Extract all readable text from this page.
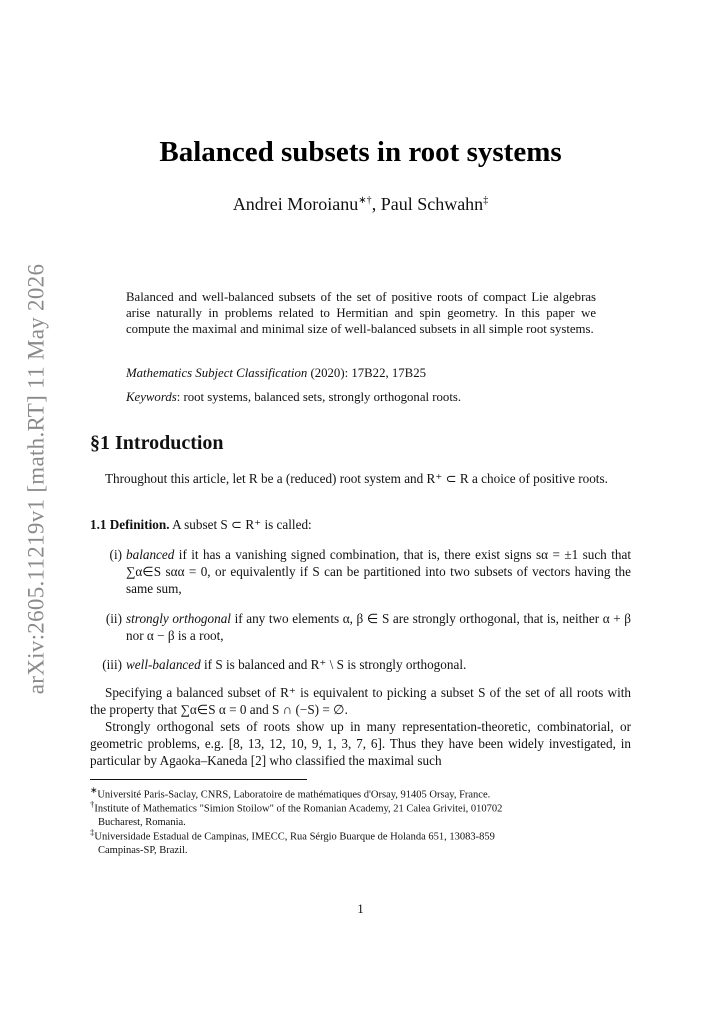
arXiv:2605.11219v1 [math.RT] 11 May 2026
Balanced subsets in root systems
Andrei Moroianu∗†, Paul Schwahn‡
Balanced and well-balanced subsets of the set of positive roots of compact Lie algebras arise naturally in problems related to Hermitian and spin geometry. In this paper we compute the maximal and minimal size of well-balanced subsets in all simple root systems.
Mathematics Subject Classification (2020): 17B22, 17B25
Keywords: root systems, balanced sets, strongly orthogonal roots.
§1 Introduction
Throughout this article, let R be a (reduced) root system and R⁺ ⊂ R a choice of positive roots.
1.1 Definition. A subset S ⊂ R⁺ is called:
(i) balanced if it has a vanishing signed combination, that is, there exist signs sα = ±1 such that ∑α∈S sαα = 0, or equivalently if S can be partitioned into two subsets of vectors having the same sum,
(ii) strongly orthogonal if any two elements α, β ∈ S are strongly orthogonal, that is, neither α + β nor α − β is a root,
(iii) well-balanced if S is balanced and R⁺ \ S is strongly orthogonal.
Specifying a balanced subset of R⁺ is equivalent to picking a subset S of the set of all roots with the property that ∑α∈S α = 0 and S ∩ (−S) = ∅.
Strongly orthogonal sets of roots show up in many representation-theoretic, combinatorial, or geometric problems, e.g. [8, 13, 12, 10, 9, 1, 3, 7, 6]. Thus they have been widely investigated, in particular by Agaoka–Kaneda [2] who classified the maximal such
∗Université Paris-Saclay, CNRS, Laboratoire de mathématiques d'Orsay, 91405 Orsay, France.
†Institute of Mathematics "Simion Stoilow" of the Romanian Academy, 21 Calea Grivitei, 010702
Bucharest, Romania.
‡Universidade Estadual de Campinas, IMECC, Rua Sérgio Buarque de Holanda 651, 13083-859
Campinas-SP, Brazil.
1
